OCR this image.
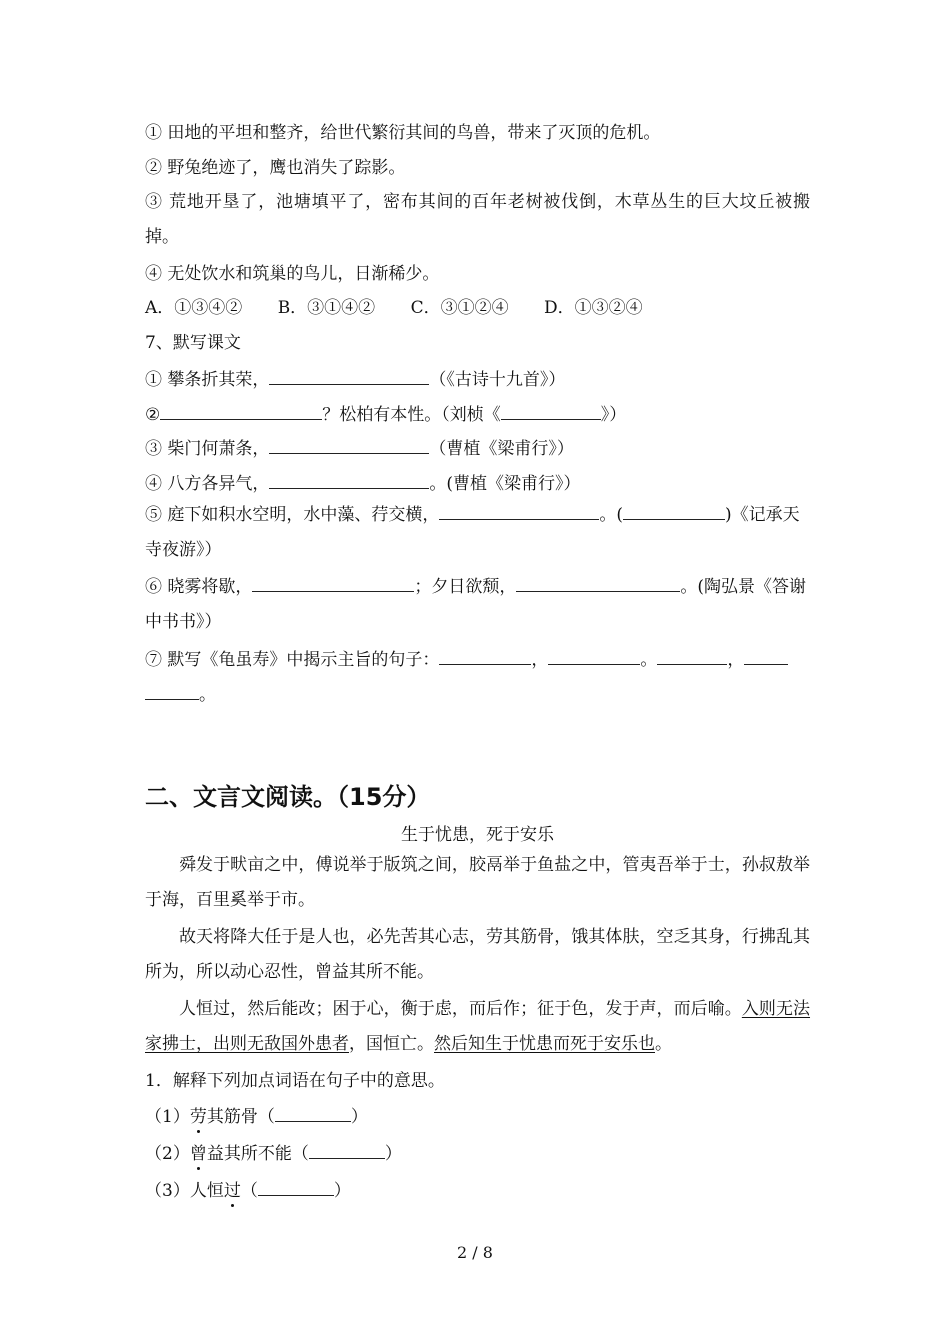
① 田地的平坦和整齐，给世代繁衍其间的鸟兽，带来了灭顶的危机。
② 野兔绝迹了，鹰也消失了踪影。
③ 荒地开垦了，池塘填平了，密布其间的百年老树被伐倒，木草丛生的巨大坟丘被搬掉。
④ 无处饮水和筑巢的鸟儿，日渐稀少。
A．①③④② B．③①④② C．③①②④ D．①③②④
7、默写课文
① 攀条折其荣，	（《古诗十九首》）
②	？松柏有本性。（刘桢《	》）
③ 柴门何萧条，	（曹植《梁甫行》）
④ 八方各异气，	。(曹植《梁甫行》）
⑤ 庭下如积水空明，水中藻、荇交横，	。(	)《记承天寺夜游》）
⑥ 晓雾将歇，	；夕日欲颓，	。(陶弘景《答谢中书书》）
⑦ 默写《龟虽寿》中揭示主旨的句子：	，	。	，。
二、文言文阅读。（15分）
生于忧患，死于安乐
舜发于畎亩之中，傅说举于版筑之间，胶鬲举于鱼盐之中，管夷吾举于士，孙叔敖举于海，百里奚举于市。
故天将降大任于是人也，必先苦其心志，劳其筋骨，饿其体肤，空乏其身，行拂乱其所为，所以动心忍性，曾益其所不能。
人恒过，然后能改；困于心，衡于虑，而后作；征于色，发于声，而后喻。入则无法家拂士，出则无敌国外患者，国恒亡。然后知生于忧患而死于安乐也。
1．解释下列加点词语在句子中的意思。
（1）劳其筋骨（	）
（2）曾益其所不能（	）
（3）人恒过（	）
2 / 8
